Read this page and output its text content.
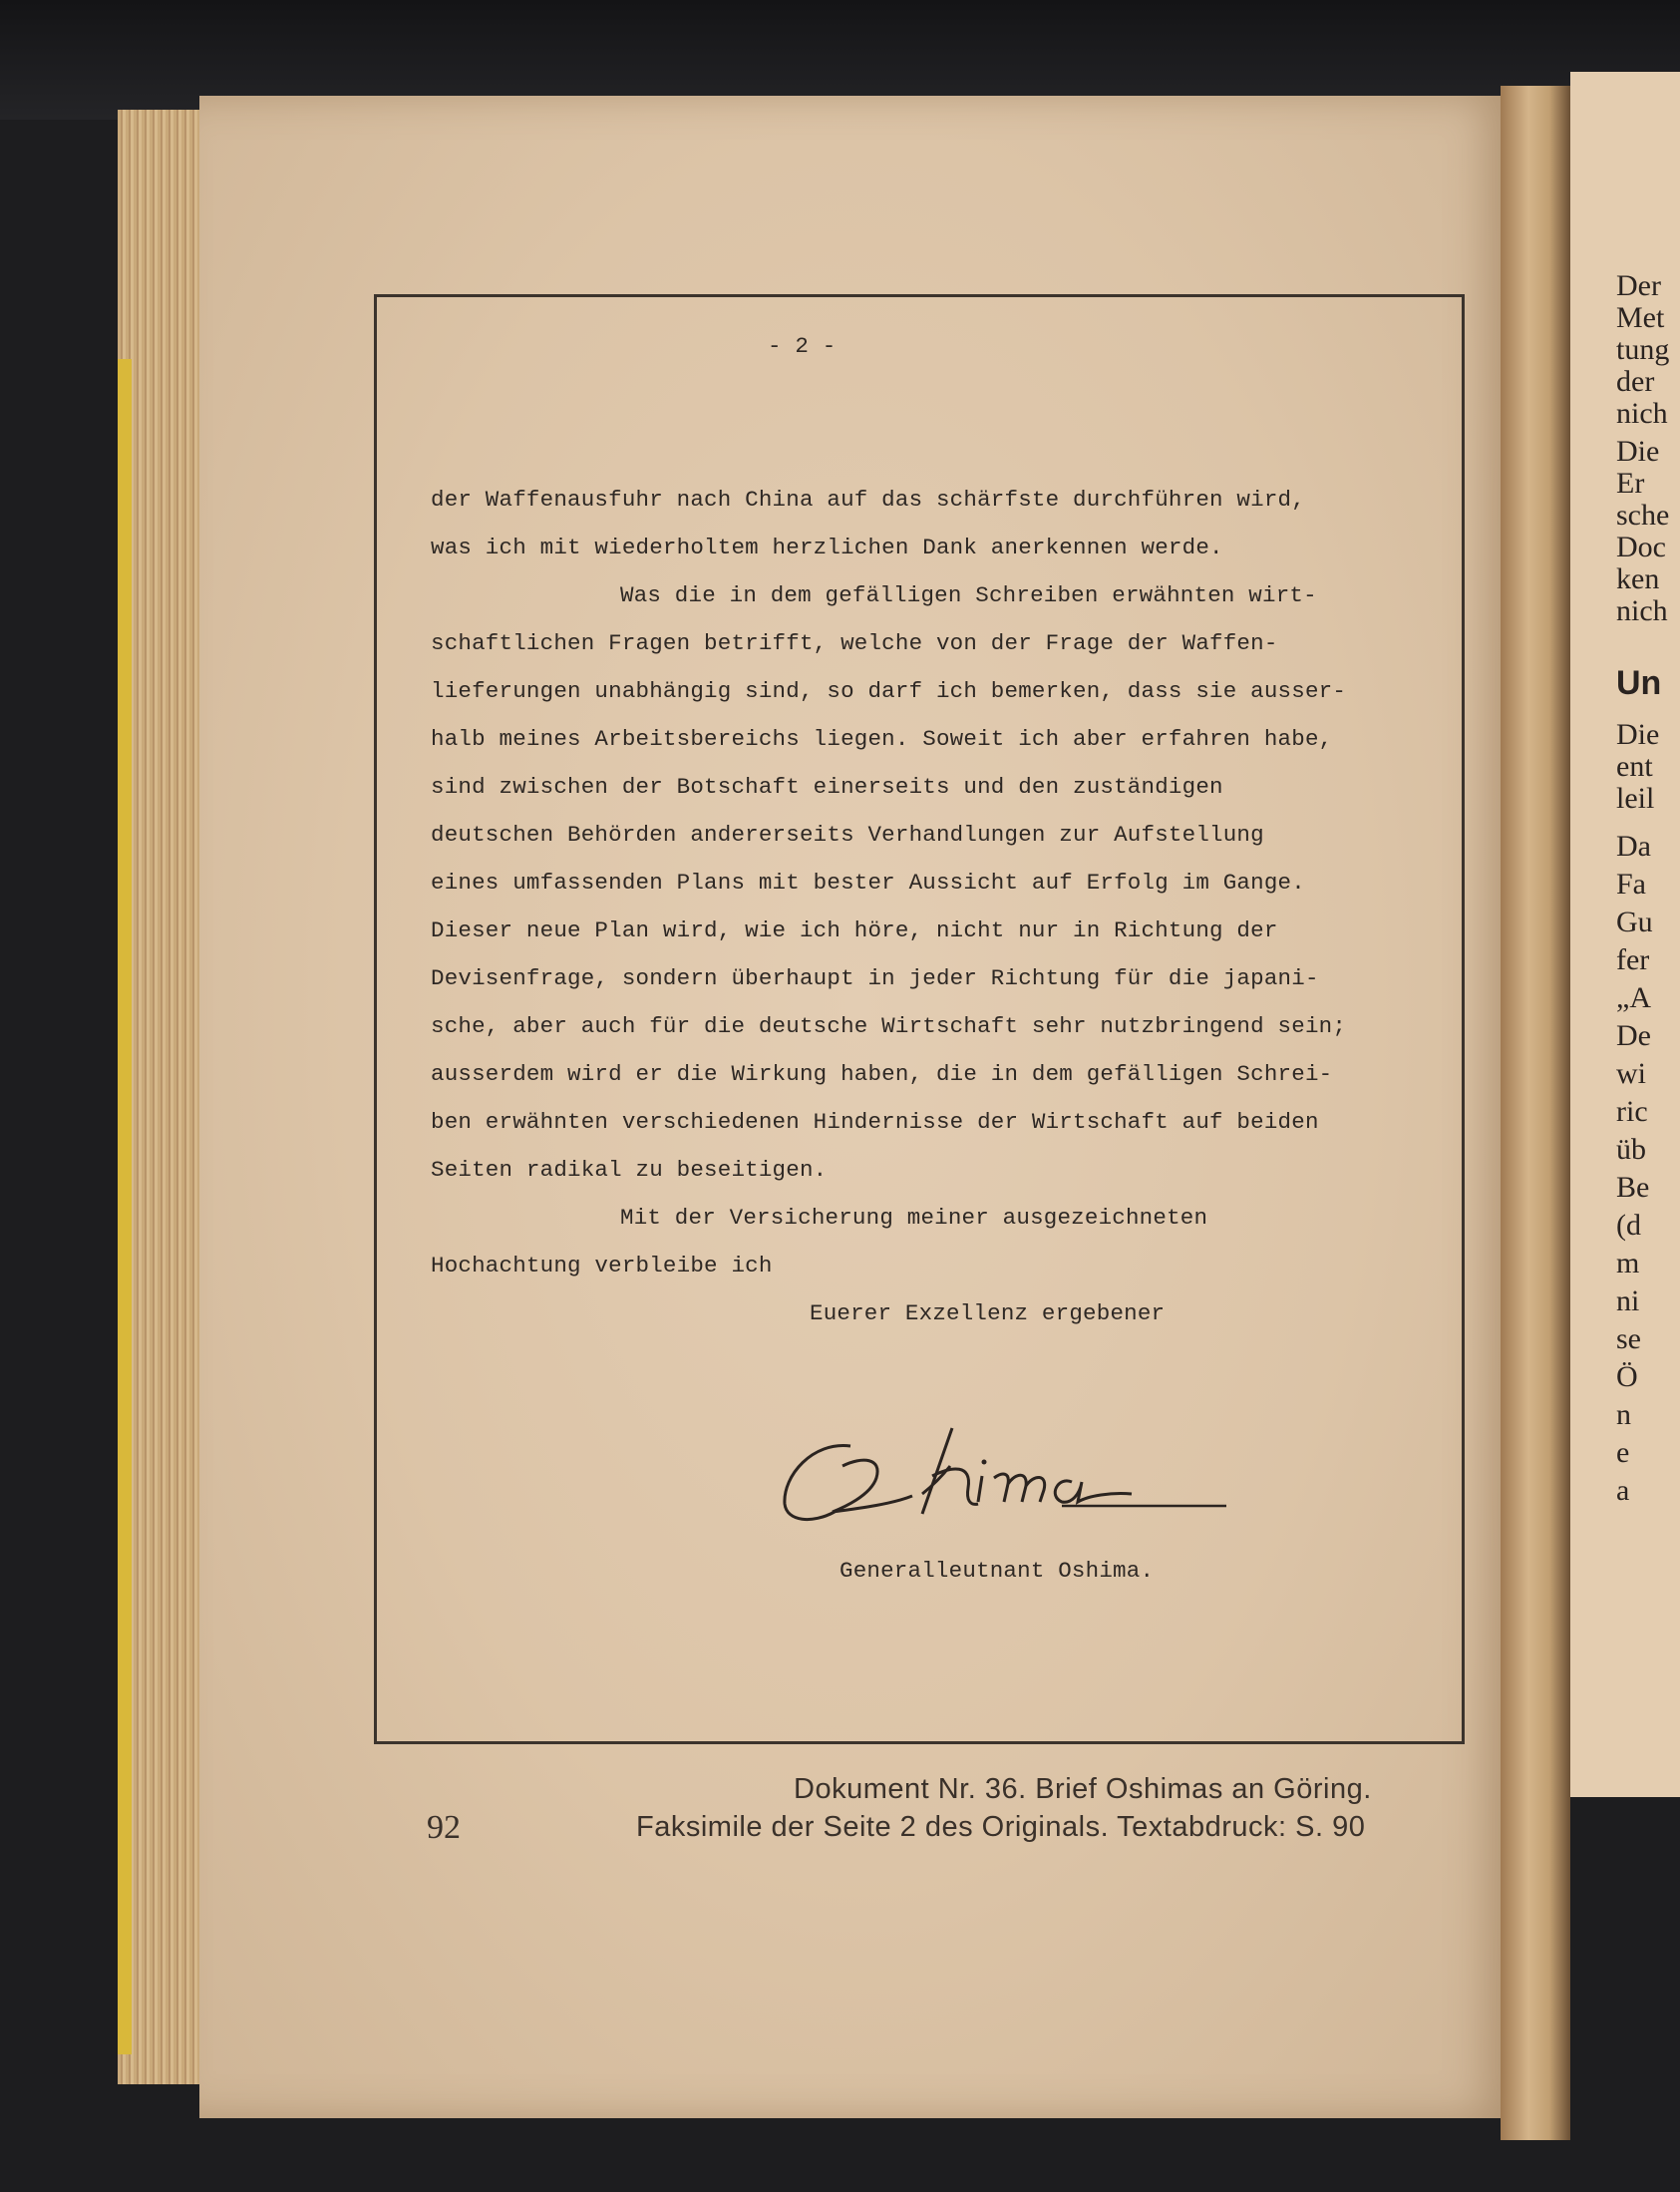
Der
Met
tung
der
nich
Die
Er
sche
Doc
ken
nich
Un
Die
ent
leil
Da
Fa
Gu
fer
„A
De
wi
ric
üb
Be
(d
m
ni
se
Ö
n
e
a
- 2 -
der Waffenausfuhr nach China auf das schärfste durchführen wird,
was ich mit wiederholtem herzlichen Dank anerkennen werde.
Was die in dem gefälligen Schreiben erwähnten wirt-
schaftlichen Fragen betrifft, welche von der Frage der Waffen-
lieferungen unabhängig sind, so darf ich bemerken, dass sie ausser-
halb meines Arbeitsbereichs liegen. Soweit ich aber erfahren habe,
sind zwischen der Botschaft einerseits und den zuständigen
deutschen Behörden andererseits Verhandlungen zur Aufstellung
eines umfassenden Plans mit bester Aussicht auf Erfolg im Gange.
Dieser neue Plan wird, wie ich höre, nicht nur in Richtung der
Devisenfrage, sondern überhaupt in jeder Richtung für die japani-
sche, aber auch für die deutsche Wirtschaft sehr nutzbringend sein;
ausserdem wird er die Wirkung haben, die in dem gefälligen Schrei-
ben erwähnten verschiedenen Hindernisse der Wirtschaft auf beiden
Seiten radikal zu beseitigen.
Mit der Versicherung meiner ausgezeichneten
Hochachtung verbleibe ich
Euerer Exzellenz ergebener
Generalleutnant Oshima.
92
Dokument Nr. 36. Brief Oshimas an Göring.
Faksimile der Seite 2 des Originals. Textabdruck: S. 90
